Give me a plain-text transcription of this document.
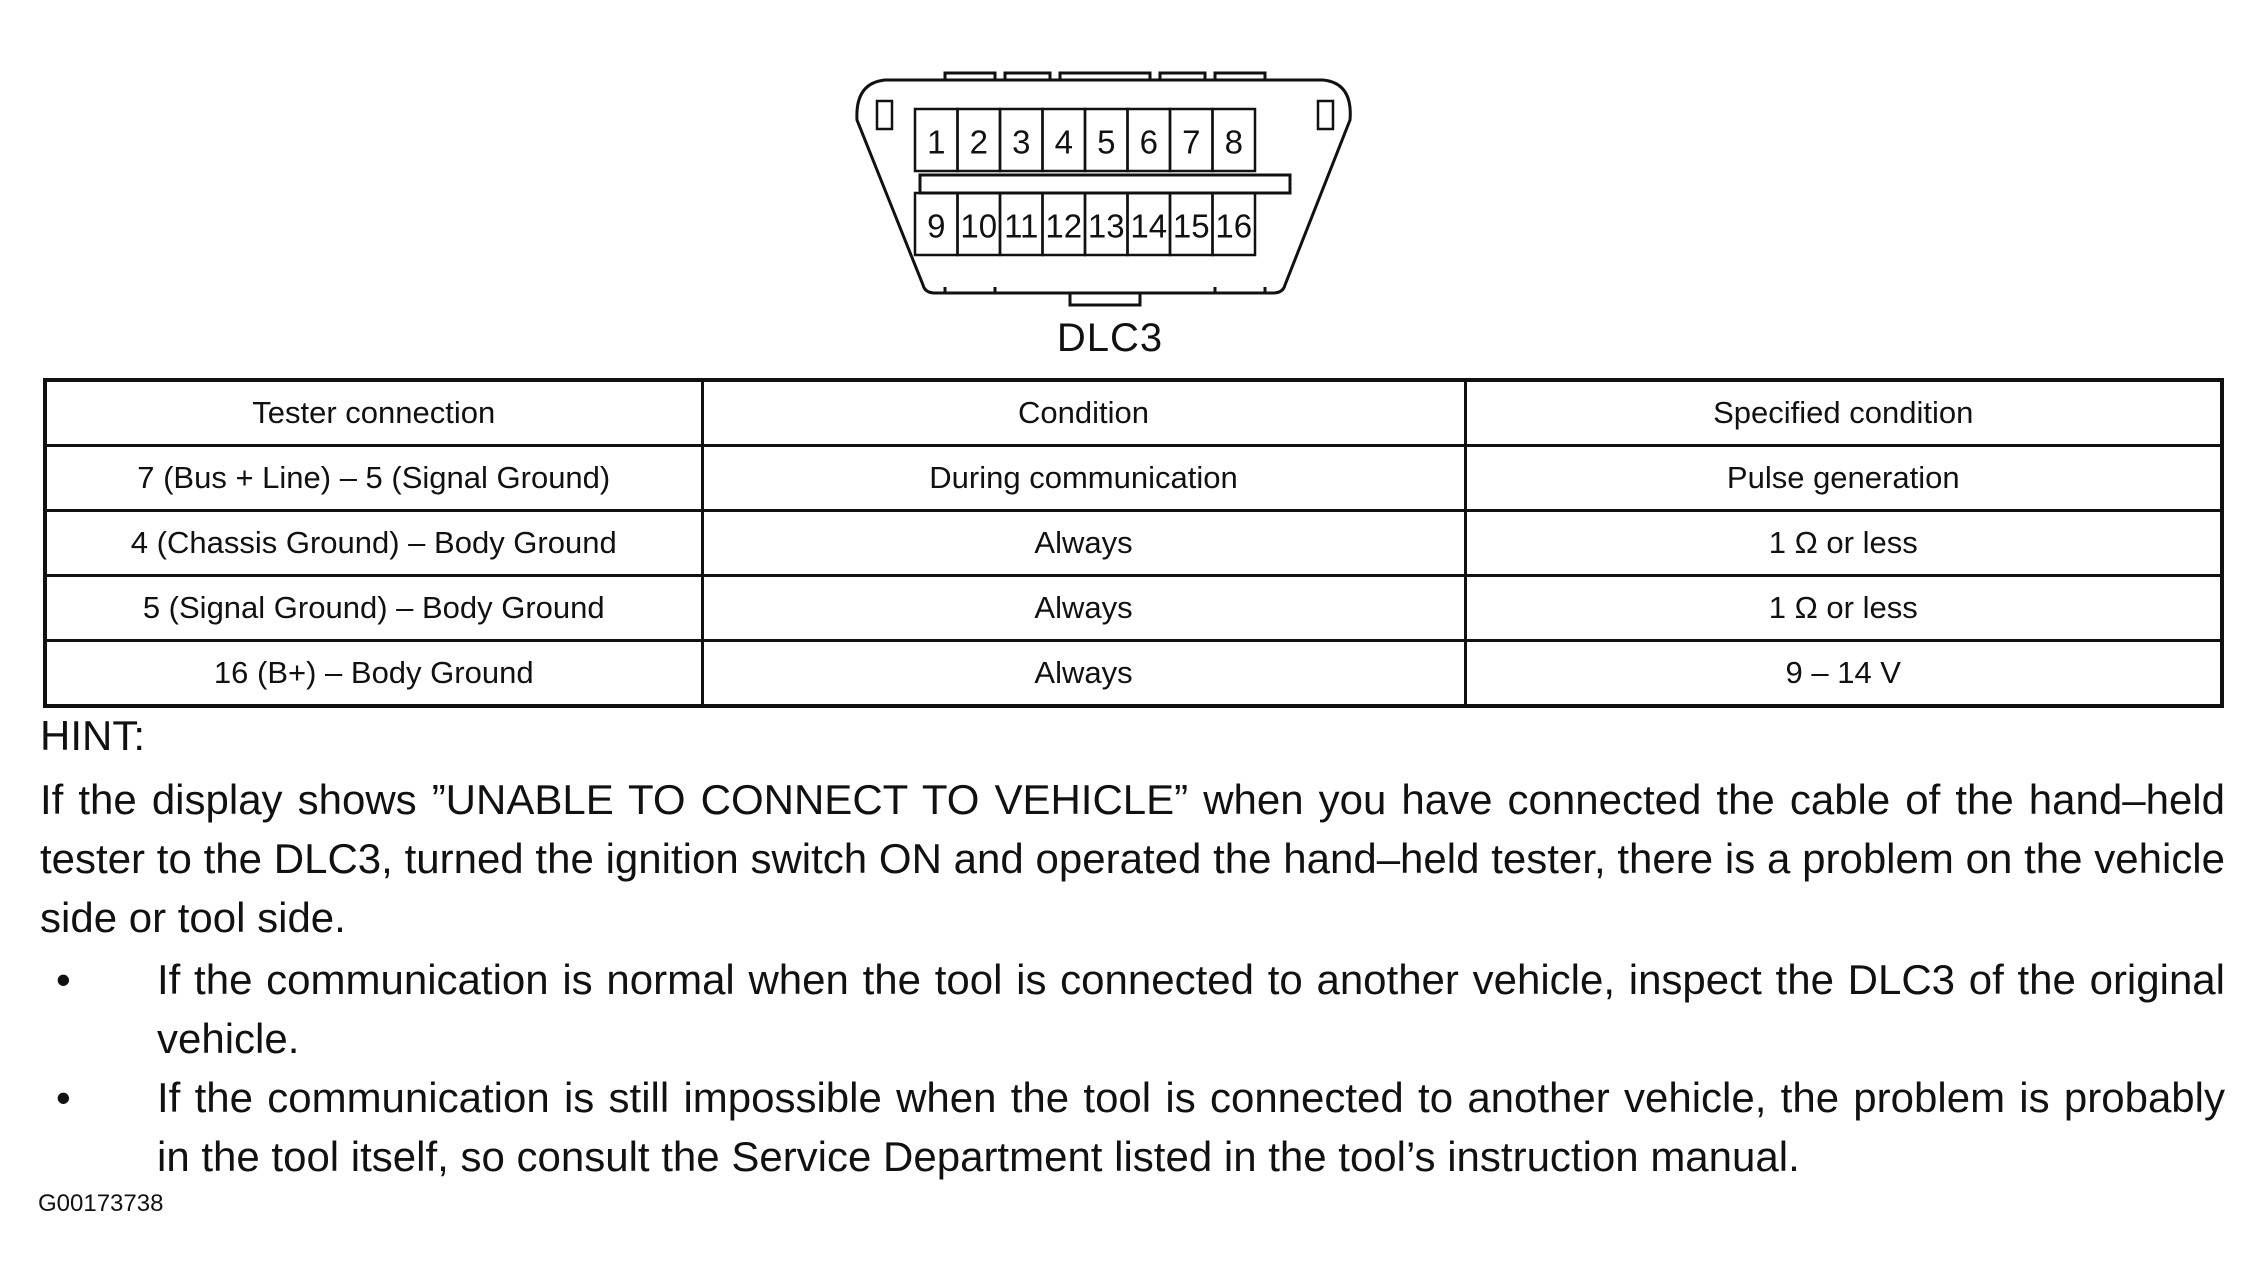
1 2 3 4 5 6 7 8
9 10 11 12 13 14 15 16
DLC3
Tester connection	Condition	Specified condition
7 (Bus + Line) – 5 (Signal Ground)	During communication	Pulse generation
4 (Chassis Ground) – Body Ground	Always	1 Ω or less
5 (Signal Ground) – Body Ground	Always	1 Ω or less
16 (B+) – Body Ground	Always	9 – 14 V
HINT:
If the display shows ”UNABLE TO CONNECT TO VEHICLE” when you have connected the cable of the hand–held tester to the DLC3, turned the ignition switch ON and operated the hand–held tester, there is a problem on the vehicle side or tool side.
•	If the communication is normal when the tool is connected to another vehicle, inspect the DLC3 of the original vehicle.
•	If the communication is still impossible when the tool is connected to another vehicle, the problem is probably in the tool itself, so consult the Service Department listed in the tool’s instruction manual.
G00173738
